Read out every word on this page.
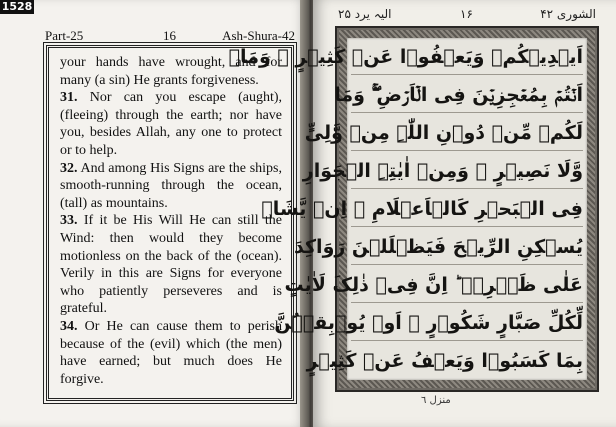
1528
Part-25	16	Ash-Shura-42

your hands have wrought, and for many (a sin) He grants forgiveness.

31. Nor can you escape (aught), (fleeing) through the earth; nor have you, besides Allah, any one to protect or to help.

32. And among His Signs are the ships, smooth-running through the ocean, (tall) as mountains.

33. If it be His Will He can still the Wind: then would they become motionless on the back of the (ocean). Verily in this are Signs for everyone who patiently perseveres and is grateful.

34. Or He can cause them to perish because of the (evil) which (the men) have earned; but much does He forgive.

الیہ یرد ۲۵	۱۶	الشوری ۴۲
اَیۡدِیۡکُمۡ وَیَعۡفُوۡا عَنۡ کَثِیۡرٍ ۞ وَمَاۤ
اَنۡتُمۡ بِمُعۡجِزِیۡنَ فِی الۡاَرۡضِ ۚۖ وَمَا
لَکُمۡ مِّنۡ دُوۡنِ اللّٰہِ مِنۡ وَّلِیٍّ
وَّلَا نَصِیۡرٍ ۞ وَمِنۡ اٰیٰتِہِ الۡجَوَارِ
فِی الۡبَحۡرِ کَالۡاَعۡلَامِ ۞ اِنۡ یَّشَاۡ
یُسۡکِنِ الرِّیۡحَ فَیَظۡلَلۡنَ رَوَاکِدَ
عَلٰی ظَہۡرِہٖ ؕ اِنَّ فِیۡ ذٰلِکَ لَاٰیٰتٍ
لِّکُلِّ صَبَّارٍ شَکُوۡرٍ ۞ اَوۡ یُوۡبِقۡہُنَّ
بِمَا کَسَبُوۡا وَیَعۡفُ عَنۡ کَثِیۡرٍ
منزل ٦
